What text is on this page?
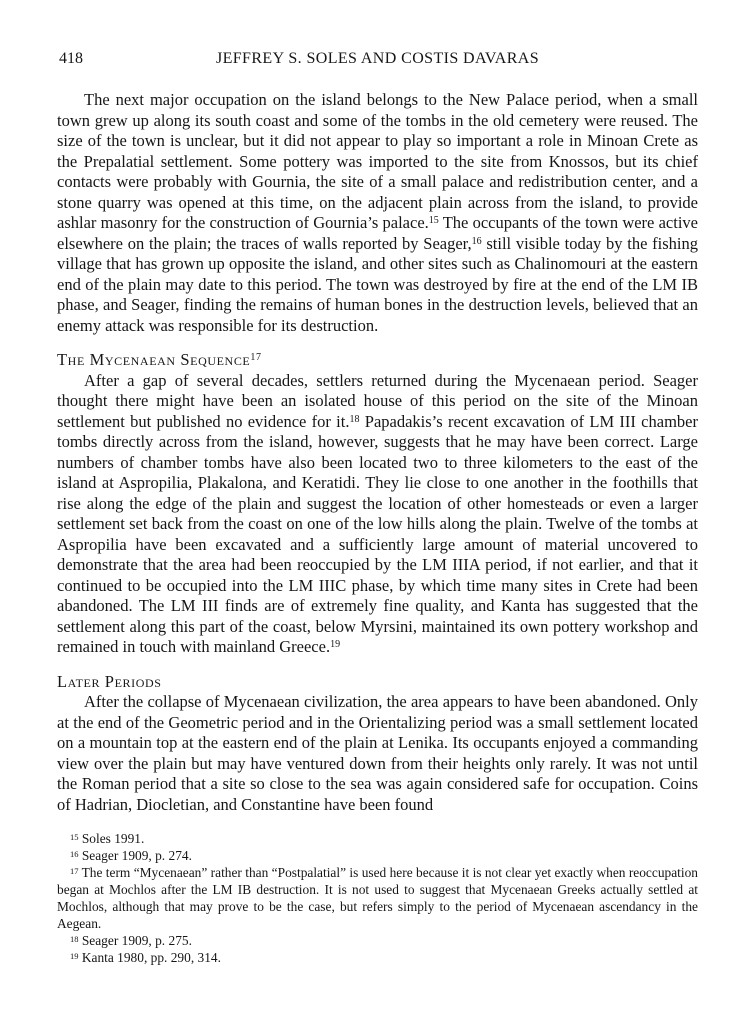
418	JEFFREY S. SOLES AND COSTIS DAVARAS

The next major occupation on the island belongs to the New Palace period, when a small town grew up along its south coast and some of the tombs in the old cemetery were reused. The size of the town is unclear, but it did not appear to play so important a role in Minoan Crete as the Prepalatial settlement. Some pottery was imported to the site from Knossos, but its chief contacts were probably with Gournia, the site of a small palace and redistribution center, and a stone quarry was opened at this time, on the adjacent plain across from the island, to provide ashlar masonry for the construction of Gournia’s palace.$^{15}$ The occupants of the town were active elsewhere on the plain; the traces of walls reported by Seager,$^{16}$ still visible today by the fishing village that has grown up opposite the island, and other sites such as Chalinomouri at the eastern end of the plain may date to this period. The town was destroyed by fire at the end of the LM IB phase, and Seager, finding the remains of human bones in the destruction levels, believed that an enemy attack was responsible for its destruction.

The Mycenaean Sequence$^{17}$

After a gap of several decades, settlers returned during the Mycenaean period. Seager thought there might have been an isolated house of this period on the site of the Minoan settlement but published no evidence for it.$^{18}$ Papadakis’s recent excavation of LM III chamber tombs directly across from the island, however, suggests that he may have been correct. Large numbers of chamber tombs have also been located two to three kilometers to the east of the island at Aspropilia, Plakalona, and Keratidi. They lie close to one another in the foothills that rise along the edge of the plain and suggest the location of other homesteads or even a larger settlement set back from the coast on one of the low hills along the plain. Twelve of the tombs at Aspropilia have been excavated and a sufficiently large amount of material uncovered to demonstrate that the area had been reoccupied by the LM IIIA period, if not earlier, and that it continued to be occupied into the LM IIIC phase, by which time many sites in Crete had been abandoned. The LM III finds are of extremely fine quality, and Kanta has suggested that the settlement along this part of the coast, below Myrsini, maintained its own pottery workshop and remained in touch with mainland Greece.$^{19}$

Later Periods

After the collapse of Mycenaean civilization, the area appears to have been abandoned. Only at the end of the Geometric period and in the Orientalizing period was a small settlement located on a mountain top at the eastern end of the plain at Lenika. Its occupants enjoyed a commanding view over the plain but may have ventured down from their heights only rarely. It was not until the Roman period that a site so close to the sea was again considered safe for occupation. Coins of Hadrian, Diocletian, and Constantine have been found

$^{15}$ Soles 1991.

$^{16}$ Seager 1909, p. 274.

$^{17}$ The term “Mycenaean” rather than “Postpalatial” is used here because it is not clear yet exactly when reoccupation began at Mochlos after the LM IB destruction. It is not used to suggest that Mycenaean Greeks actually settled at Mochlos, although that may prove to be the case, but refers simply to the period of Mycenaean ascendancy in the Aegean.

$^{18}$ Seager 1909, p. 275.

$^{19}$ Kanta 1980, pp. 290, 314.
